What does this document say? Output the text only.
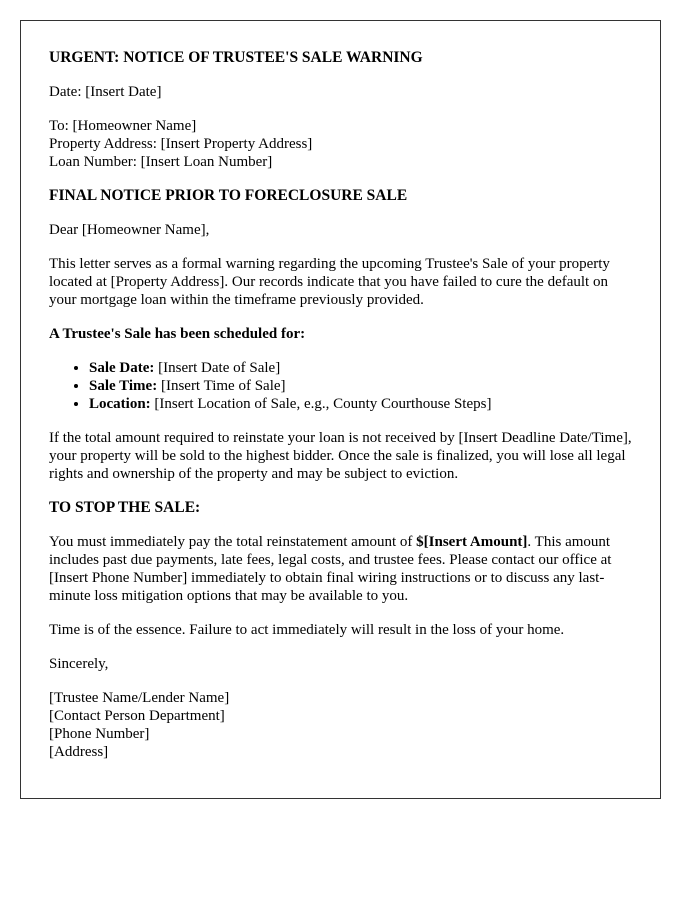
URGENT: NOTICE OF TRUSTEE'S SALE WARNING

Date: [Insert Date]

To: [Homeowner Name]
Property Address: [Insert Property Address]
Loan Number: [Insert Loan Number]
FINAL NOTICE PRIOR TO FORECLOSURE SALE

Dear [Homeowner Name],

This letter serves as a formal warning regarding the upcoming Trustee's Sale of your property located at [Property Address]. Our records indicate that you have failed to cure the default on your mortgage loan within the timeframe previously provided.

A Trustee's Sale has been scheduled for:

• Sale Date: [Insert Date of Sale]
• Sale Time: [Insert Time of Sale]
• Location: [Insert Location of Sale, e.g., County Courthouse Steps]

If the total amount required to reinstate your loan is not received by [Insert Deadline Date/Time], your property will be sold to the highest bidder. Once the sale is finalized, you will lose all legal rights and ownership of the property and may be subject to eviction.

TO STOP THE SALE:

You must immediately pay the total reinstatement amount of $[Insert Amount]. This amount includes past due payments, late fees, legal costs, and trustee fees. Please contact our office at [Insert Phone Number] immediately to obtain final wiring instructions or to discuss any last-minute loss mitigation options that may be available to you.

Time is of the essence. Failure to act immediately will result in the loss of your home.

Sincerely,

[Trustee Name/Lender Name]
[Contact Person Department]
[Phone Number]
[Address]
